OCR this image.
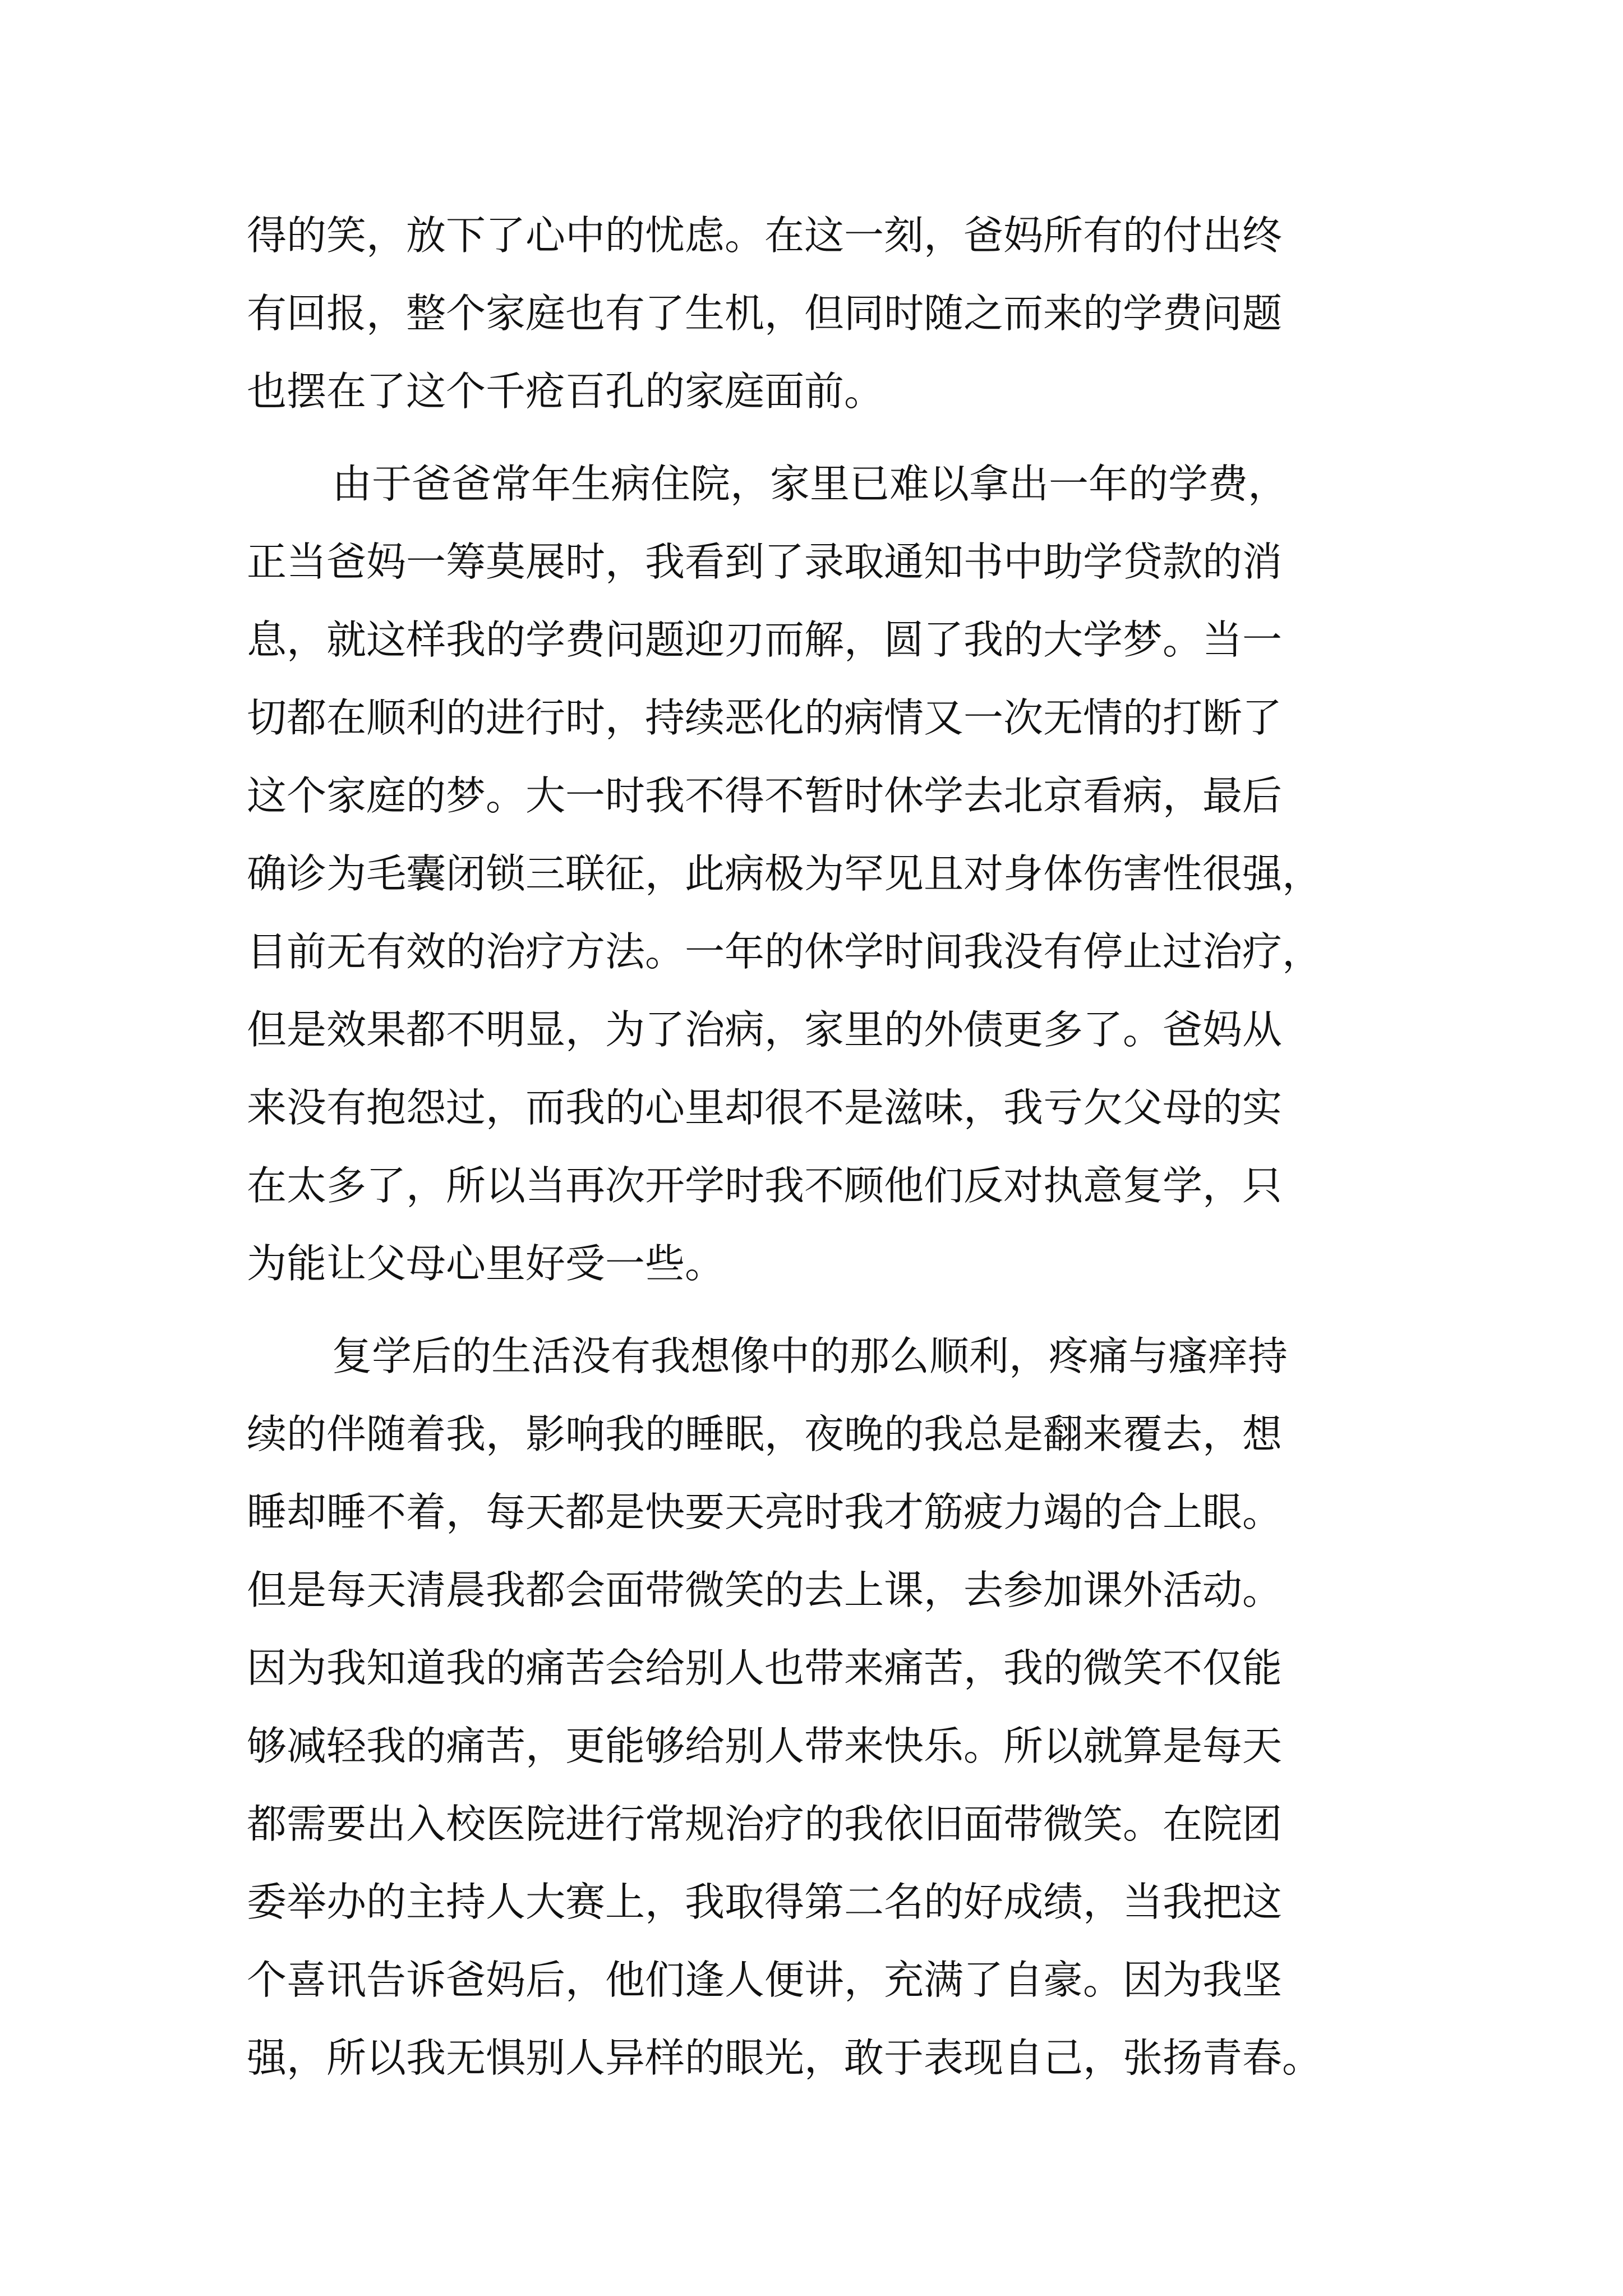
得的笑，放下了心中的忧虑。在这一刻，爸妈所有的付出终
有回报，整个家庭也有了生机，但同时随之而来的学费问题
也摆在了这个千疮百孔的家庭面前。
由于爸爸常年生病住院，家里已难以拿出一年的学费，
正当爸妈一筹莫展时，我看到了录取通知书中助学贷款的消
息，就这样我的学费问题迎刃而解，圆了我的大学梦。当一
切都在顺利的进行时，持续恶化的病情又一次无情的打断了
这个家庭的梦。大一时我不得不暂时休学去北京看病，最后
确诊为毛囊闭锁三联征，此病极为罕见且对身体伤害性很强，
目前无有效的治疗方法。一年的休学时间我没有停止过治疗，
但是效果都不明显，为了治病，家里的外债更多了。爸妈从
来没有抱怨过，而我的心里却很不是滋味，我亏欠父母的实
在太多了，所以当再次开学时我不顾他们反对执意复学，只
为能让父母心里好受一些。
复学后的生活没有我想像中的那么顺利，疼痛与瘙痒持
续的伴随着我，影响我的睡眠，夜晚的我总是翻来覆去，想
睡却睡不着，每天都是快要天亮时我才筋疲力竭的合上眼。
但是每天清晨我都会面带微笑的去上课，去参加课外活动。
因为我知道我的痛苦会给别人也带来痛苦，我的微笑不仅能
够减轻我的痛苦，更能够给别人带来快乐。所以就算是每天
都需要出入校医院进行常规治疗的我依旧面带微笑。在院团
委举办的主持人大赛上，我取得第二名的好成绩，当我把这
个喜讯告诉爸妈后，他们逢人便讲，充满了自豪。因为我坚
强，所以我无惧别人异样的眼光，敢于表现自己，张扬青春。
